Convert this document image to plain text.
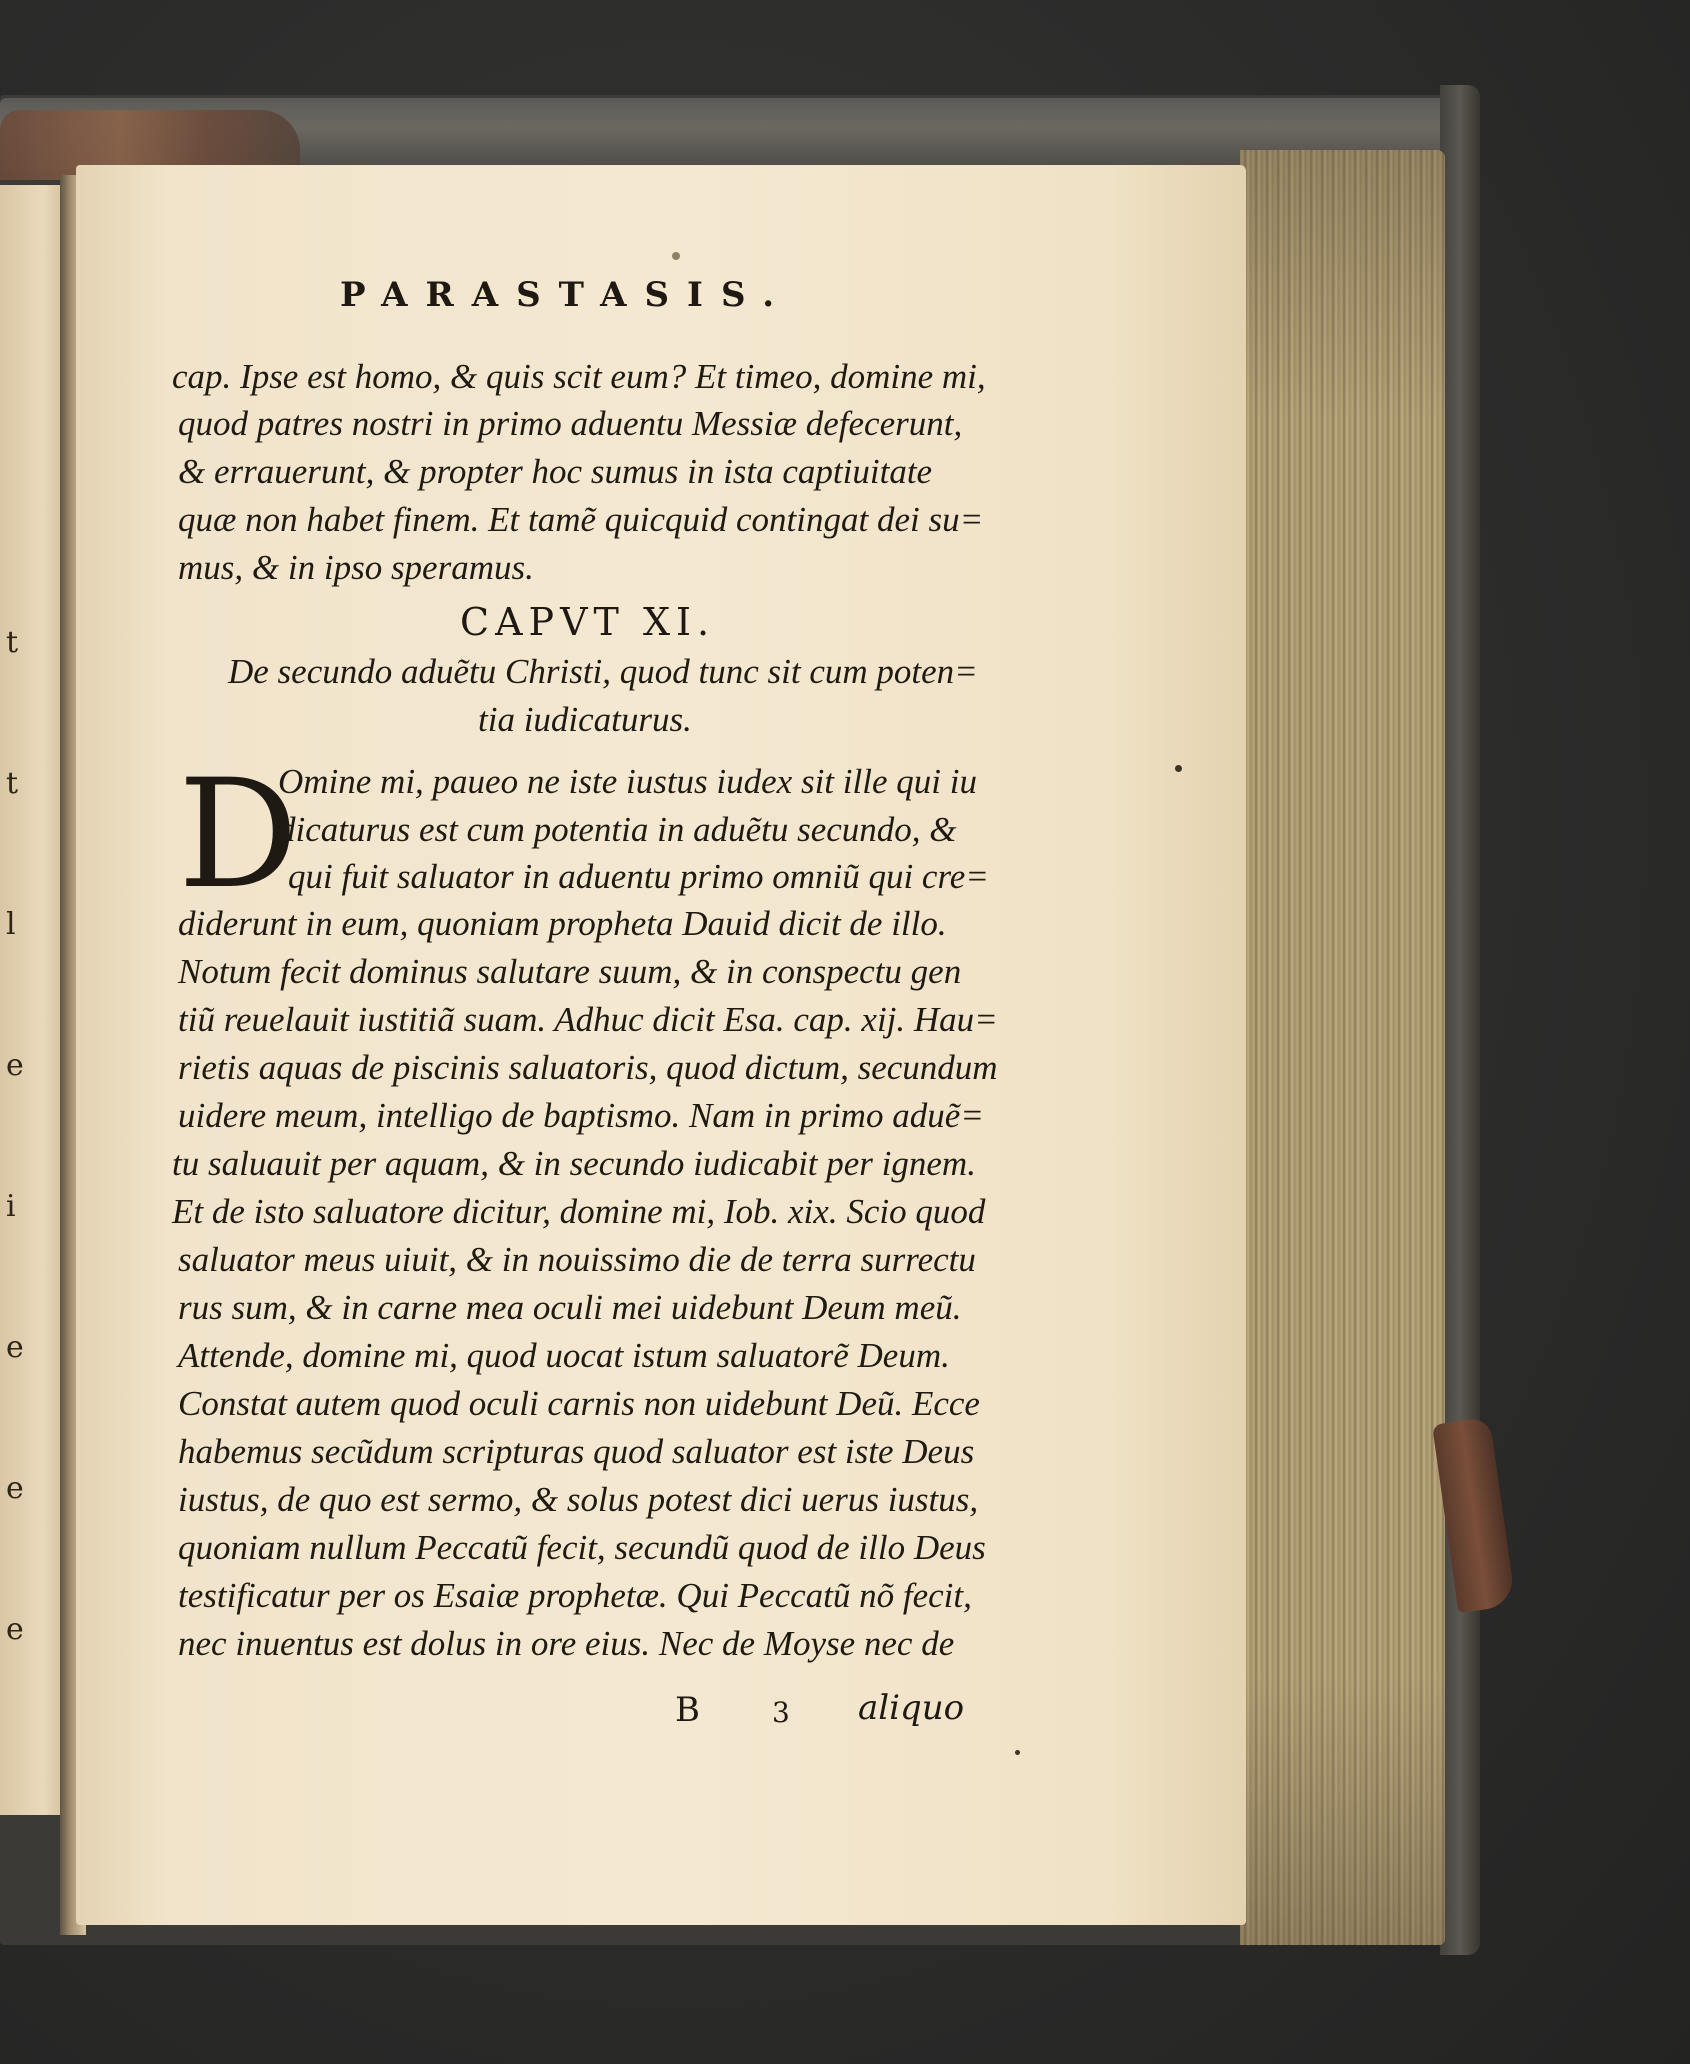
t

t

l

e

i

e

e

e

PARASTASIS.
cap. Ipse est homo, & quis scit eum? Et timeo, domine mi,
quod patres nostri in primo aduentu Messiæ defecerunt,
& errauerunt, & propter hoc sumus in ista captiuitate
quæ non habet finem. Et tamẽ quicquid contingat dei su=
mus, & in ipso speramus.
CAPVT XI.
De secundo aduẽtu Christi, quod tunc sit cum poten=
tia iudicaturus.
D
Omine mi, paueo ne iste iustus iudex sit ille qui iu
dicaturus est cum potentia in aduẽtu secundo, &
qui fuit saluator in aduentu primo omniũ qui cre=
diderunt in eum, quoniam propheta Dauid dicit de illo.
Notum fecit dominus salutare suum, & in conspectu gen
tiũ reuelauit iustitiã suam. Adhuc dicit Esa. cap. xij. Hau=
rietis aquas de piscinis saluatoris, quod dictum, secundum
uidere meum, intelligo de baptismo. Nam in primo aduẽ=
tu saluauit per aquam, & in secundo iudicabit per ignem.
Et de isto saluatore dicitur, domine mi, Iob. xix. Scio quod
saluator meus uiuit, & in nouissimo die de terra surrectu
rus sum, & in carne mea oculi mei uidebunt Deum meũ.
Attende, domine mi, quod uocat istum saluatorẽ Deum.
Constat autem quod oculi carnis non uidebunt Deũ. Ecce
habemus secũdum scripturas quod saluator est iste Deus
iustus, de quo est sermo, & solus potest dici uerus iustus,
quoniam nullum Peccatũ fecit, secundũ quod de illo Deus
testificatur per os Esaiæ prophetæ. Qui Peccatũ nõ fecit,
nec inuentus est dolus in ore eius. Nec de Moyse nec de
B	3 aliquo
